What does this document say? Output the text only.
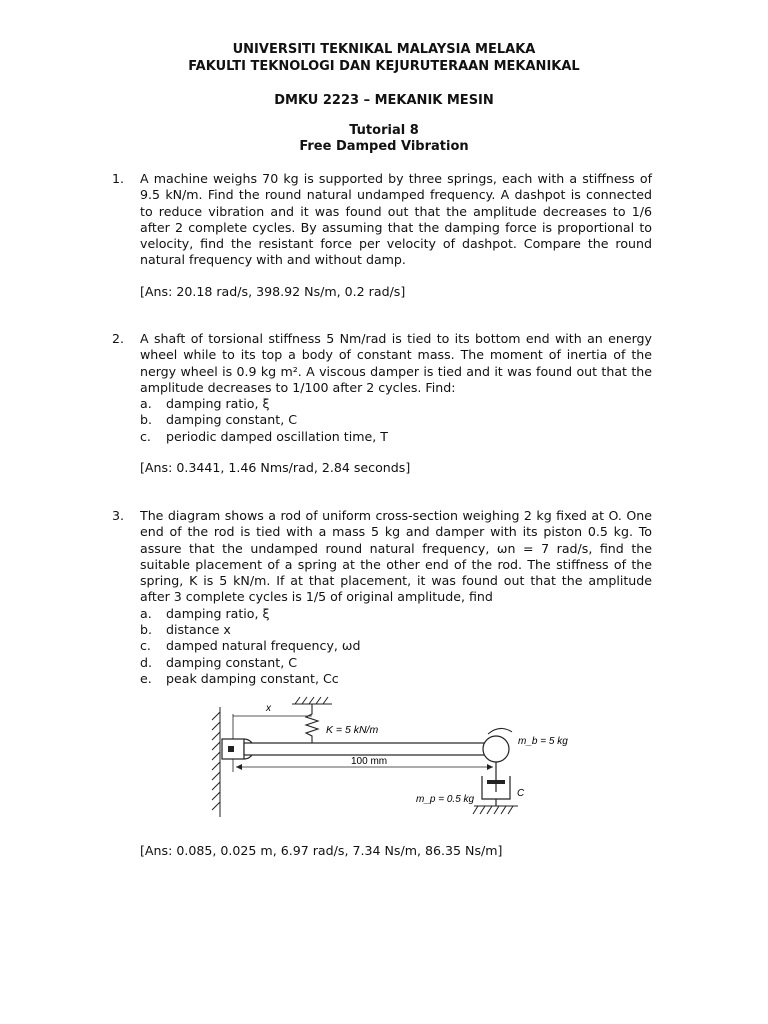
UNIVERSITI TEKNIKAL MALAYSIA MELAKA
FAKULTI TEKNOLOGI DAN KEJURUTERAAN MEKANIKAL
DMKU 2223 – MEKANIK MESIN
Tutorial 8
Free Damped Vibration
1. A machine weighs 70 kg is supported by three springs, each with a stiffness of 9.5 kN/m. Find the round natural undamped frequency. A dashpot is connected to reduce vibration and it was found out that the amplitude decreases to 1/6 after 2 complete cycles. By assuming that the damping force is proportional to velocity, find the resistant force per velocity of dashpot. Compare the round natural frequency with and without damp.

[Ans: 20.18 rad/s, 398.92 Ns/m, 0.2 rad/s]
2. A shaft of torsional stiffness 5 Nm/rad is tied to its bottom end with an energy wheel while to its top a body of constant mass. The moment of inertia of the nergy wheel is 0.9 kg m². A viscous damper is tied and it was found out that the amplitude decreases to 1/100 after 2 cycles. Find:

a. damping ratio, ξ
b. damping constant, C
c. periodic damped oscillation time, T
[Ans: 0.3441, 1.46 Nms/rad, 2.84 seconds]
3. The diagram shows a rod of uniform cross-section weighing 2 kg fixed at O. One end of the rod is tied with a mass 5 kg and damper with its piston 0.5 kg. To assure that the undamped round natural frequency, ωn = 7 rad/s, find the suitable placement of a spring at the other end of the rod. The stiffness of the spring, K is 5 kN/m. If at that placement, it was found out that the amplitude after 3 complete cycles is 1/5 of original amplitude, find

a. damping ratio, ξ
b. distance x
c. damped natural frequency, ωd
d. damping constant, C
e. peak damping constant, Cc
m_b = 5 kg
K = 5 kN/m
x
100 mm
m_p = 0.5 kg
C
[Ans: 0.085, 0.025 m, 6.97 rad/s, 7.34 Ns/m, 86.35 Ns/m]
